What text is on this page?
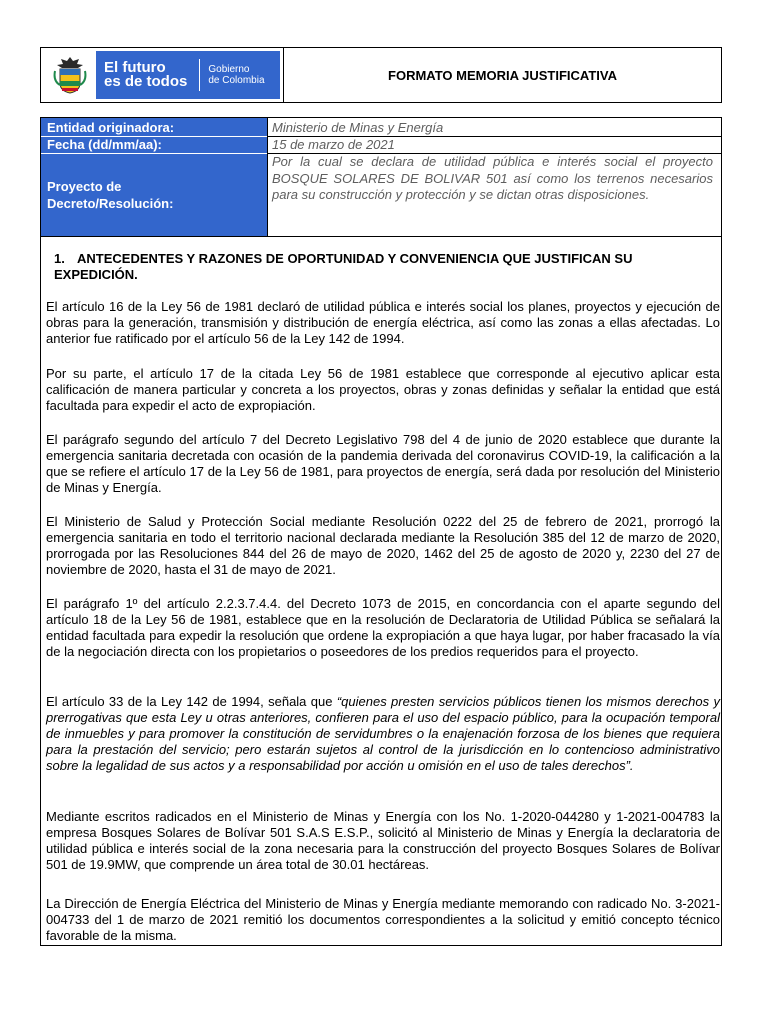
El futuro
es de todos
Gobierno
de Colombia	FORMATO MEMORIA JUSTIFICATIVA
Entidad originadora:
Fecha (dd/mm/aa):
Proyecto de
Decreto/Resolución:
Ministerio de Minas y Energía
15 de marzo de 2021
Por la cual se declara de utilidad pública e interés social el proyecto BOSQUE SOLARES DE BOLIVAR 501 así como los terrenos necesarios para su construcción y protección y se dictan otras disposiciones.
1. ANTECEDENTES Y RAZONES DE OPORTUNIDAD Y CONVENIENCIA QUE JUSTIFICAN SU EXPEDICIÓN.
El artículo 16 de la Ley 56 de 1981 declaró de utilidad pública e interés social los planes, proyectos y ejecución de obras para la generación, transmisión y distribución de energía eléctrica, así como las zonas a ellas afectadas. Lo anterior fue ratificado por el artículo 56 de la Ley 142 de 1994.
Por su parte, el artículo 17 de la citada Ley 56 de 1981 establece que corresponde al ejecutivo aplicar esta calificación de manera particular y concreta a los proyectos, obras y zonas definidas y señalar la entidad que está facultada para expedir el acto de expropiación.
El parágrafo segundo del artículo 7 del Decreto Legislativo 798 del 4 de junio de 2020 establece que durante la emergencia sanitaria decretada con ocasión de la pandemia derivada del coronavirus COVID-19, la calificación a la que se refiere el artículo 17 de la Ley 56 de 1981, para proyectos de energía, será dada por resolución del Ministerio de Minas y Energía.
El Ministerio de Salud y Protección Social mediante Resolución 0222 del 25 de febrero de 2021, prorrogó la emergencia sanitaria en todo el territorio nacional declarada mediante la Resolución 385 del 12 de marzo de 2020, prorrogada por las Resoluciones 844 del 26 de mayo de 2020, 1462 del 25 de agosto de 2020 y, 2230 del 27 de noviembre de 2020, hasta el 31 de mayo de 2021.
El parágrafo 1º del artículo 2.2.3.7.4.4. del Decreto 1073 de 2015, en concordancia con el aparte segundo del artículo 18 de la Ley 56 de 1981, establece que en la resolución de Declaratoria de Utilidad Pública se señalará la entidad facultada para expedir la resolución que ordene la expropiación a que haya lugar, por haber fracasado la vía de la negociación directa con los propietarios o poseedores de los predios requeridos para el proyecto.
El artículo 33 de la Ley 142 de 1994, señala que “quienes presten servicios públicos tienen los mismos derechos y prerrogativas que esta Ley u otras anteriores, confieren para el uso del espacio público, para la ocupación temporal de inmuebles y para promover la constitución de servidumbres o la enajenación forzosa de los bienes que requiera para la prestación del servicio; pero estarán sujetos al control de la jurisdicción en lo contencioso administrativo sobre la legalidad de sus actos y a responsabilidad por acción u omisión en el uso de tales derechos”.
Mediante escritos radicados en el Ministerio de Minas y Energía con los No. 1-2020-044280 y 1-2021-004783 la empresa Bosques Solares de Bolívar 501 S.A.S E.S.P., solicitó al Ministerio de Minas y Energía la declaratoria de utilidad pública e interés social de la zona necesaria para la construcción del proyecto Bosques Solares de Bolívar 501 de 19.9MW, que comprende un área total de 30.01 hectáreas.
La Dirección de Energía Eléctrica del Ministerio de Minas y Energía mediante memorando con radicado No. 3-2021-004733 del 1 de marzo de 2021 remitió los documentos correspondientes a la solicitud y emitió concepto técnico favorable de la misma.
